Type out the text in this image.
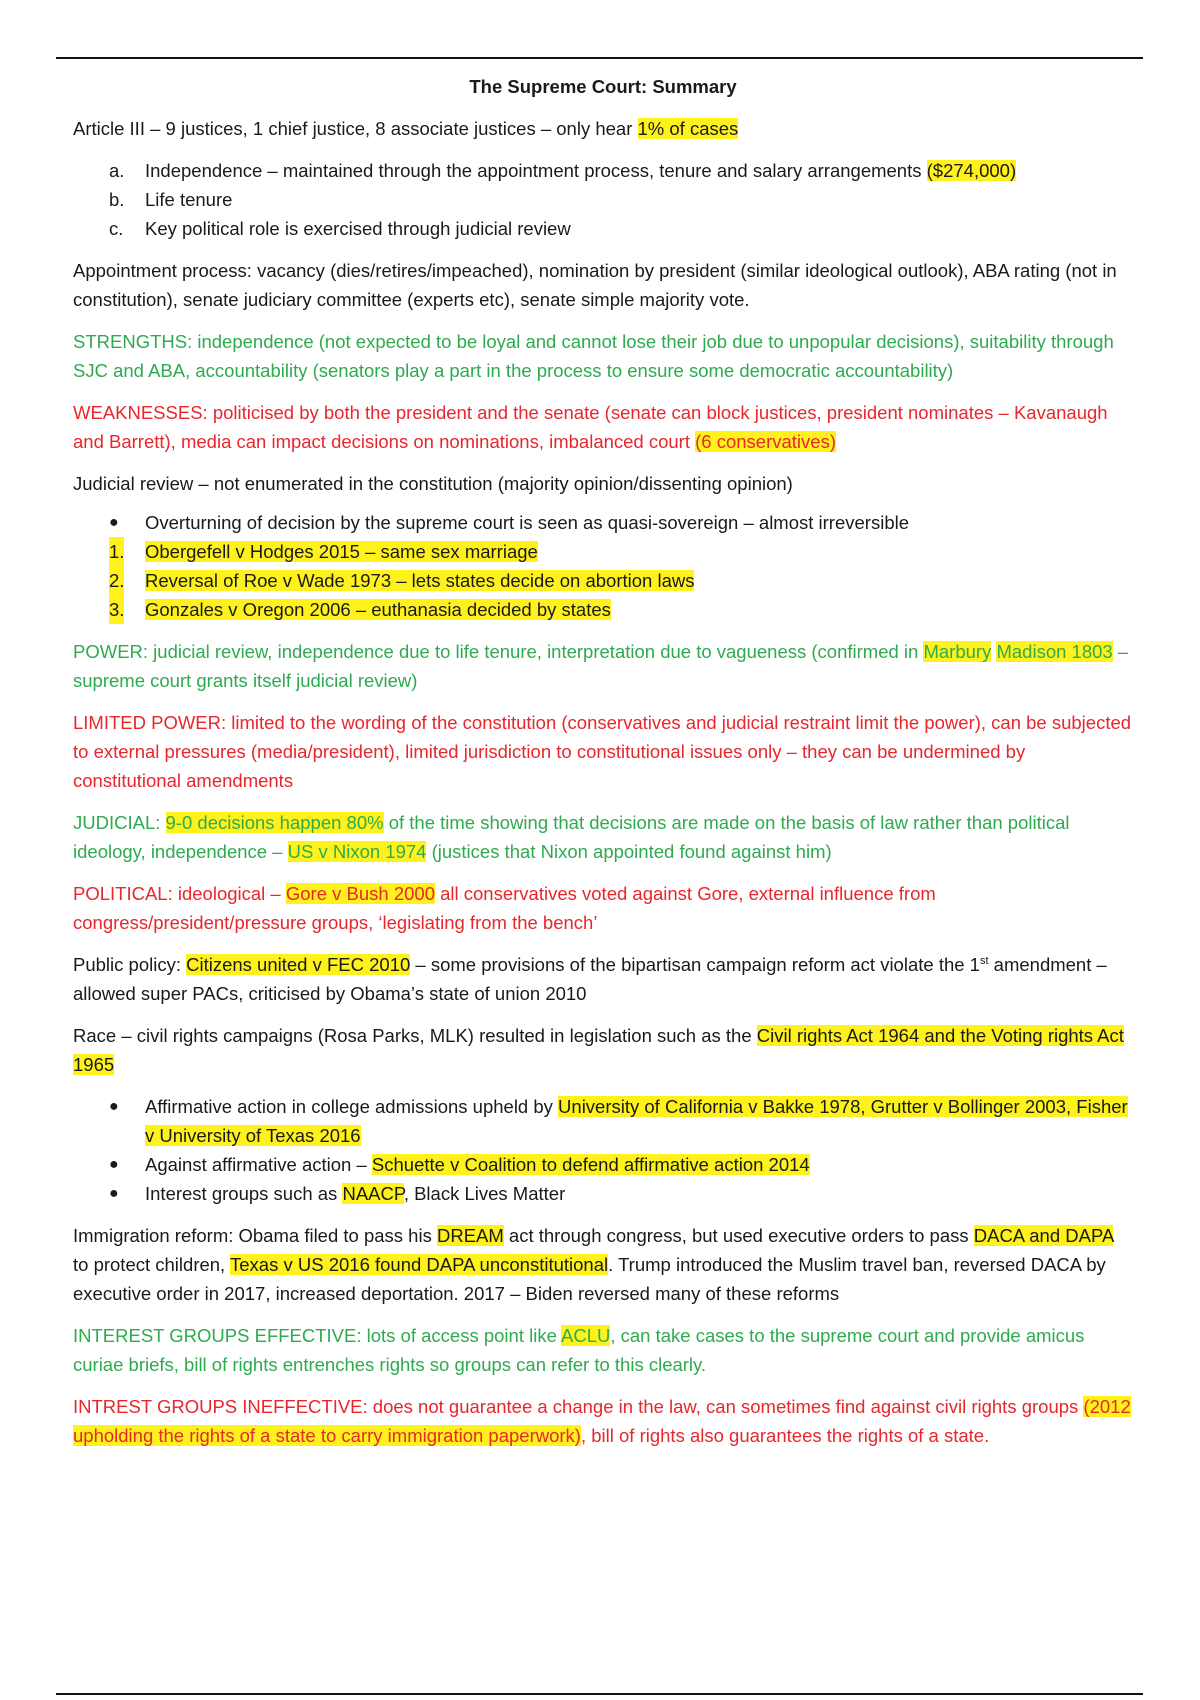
The Supreme Court: Summary

Article III – 9 justices, 1 chief justice, 8 associate justices – only hear 1% of cases

a. Independence – maintained through the appointment process, tenure and salary arrangements ($274,000)
b. Life tenure
c. Key political role is exercised through judicial review

Appointment process: vacancy (dies/retires/impeached), nomination by president (similar ideological outlook), ABA rating (not in constitution), senate judiciary committee (experts etc), senate simple majority vote.

STRENGTHS: independence (not expected to be loyal and cannot lose their job due to unpopular decisions), suitability through SJC and ABA, accountability (senators play a part in the process to ensure some democratic accountability)

WEAKNESSES: politicised by both the president and the senate (senate can block justices, president nominates – Kavanaugh and Barrett), media can impact decisions on nominations, imbalanced court (6 conservatives)

Judicial review – not enumerated in the constitution (majority opinion/dissenting opinion)

● Overturning of decision by the supreme court is seen as quasi-sovereign – almost irreversible
1. Obergefell v Hodges 2015 – same sex marriage
2. Reversal of Roe v Wade 1973 – lets states decide on abortion laws
3. Gonzales v Oregon 2006 – euthanasia decided by states

POWER: judicial review, independence due to life tenure, interpretation due to vagueness (confirmed in Marbury Madison 1803 – supreme court grants itself judicial review)

LIMITED POWER: limited to the wording of the constitution (conservatives and judicial restraint limit the power), can be subjected to external pressures (media/president), limited jurisdiction to constitutional issues only – they can be undermined by constitutional amendments

JUDICIAL: 9-0 decisions happen 80% of the time showing that decisions are made on the basis of law rather than political ideology, independence – US v Nixon 1974 (justices that Nixon appointed found against him)

POLITICAL: ideological – Gore v Bush 2000 all conservatives voted against Gore, external influence from congress/president/pressure groups, ‘legislating from the bench’

Public policy: Citizens united v FEC 2010 – some provisions of the bipartisan campaign reform act violate the 1st amendment – allowed super PACs, criticised by Obama’s state of union 2010

Race – civil rights campaigns (Rosa Parks, MLK) resulted in legislation such as the Civil rights Act 1964 and the Voting rights Act 1965

● Affirmative action in college admissions upheld by University of California v Bakke 1978, Grutter v Bollinger 2003, Fisher v University of Texas 2016
● Against affirmative action – Schuette v Coalition to defend affirmative action 2014
● Interest groups such as NAACP, Black Lives Matter

Immigration reform: Obama filed to pass his DREAM act through congress, but used executive orders to pass DACA and DAPA to protect children, Texas v US 2016 found DAPA unconstitutional. Trump introduced the Muslim travel ban, reversed DACA by executive order in 2017, increased deportation. 2017 – Biden reversed many of these reforms

INTEREST GROUPS EFFECTIVE: lots of access point like ACLU, can take cases to the supreme court and provide amicus curiae briefs, bill of rights entrenches rights so groups can refer to this clearly.

INTREST GROUPS INEFFECTIVE: does not guarantee a change in the law, can sometimes find against civil rights groups (2012 upholding the rights of a state to carry immigration paperwork), bill of rights also guarantees the rights of a state.
